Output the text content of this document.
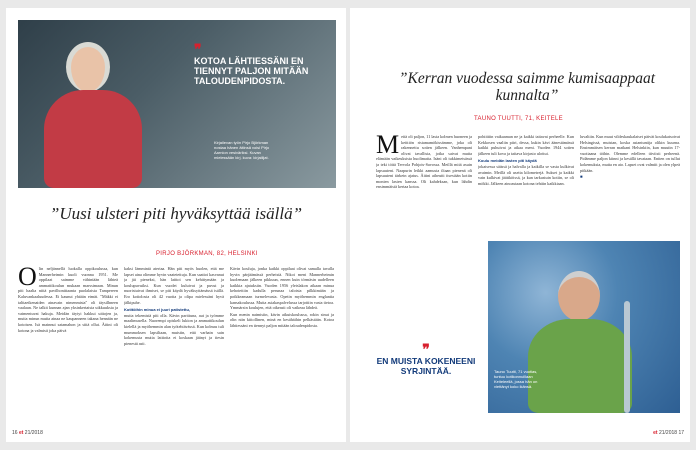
Kirjailevan työn Pirjo Björkman nostaa hänen äitinsä voisi Pirjo Aarnion vesiväriksi. Kuvan mielessään kirj. kuva: kirjailijat.
❞
KOTOA LÄHTIESSÄNI EN TIENNYT PALJON MITÄÄN TALOUDENPIDOSTA.
”Uusi ulsteri piti hyväksyttää isällä”
PIRJO BJÖRKMAN, 82, HELSINKI
O lin neljännellä luokalla oppikoulussa, kun Mannerheimin kuoli vuonna 1951. Me oppilaat saimme vähintään lähteä ammattikoulun mukaan marssimaan. Minun piti haalia niitä pavilhonittaanta puolalaista Tampereen Kaluvankaaluudessa. Ei kaunut yhtään eimät. "Mäkki ei talttaeikenaiden ainavain nimenmista" oli täysilhneen vaalaan. Ne talkit kunnan ajan yksinkertaisia uikkuuksia ja vaimentuvat hakuja. Meidän täytyi hakkui uittojen ja, mutta minun mutta ainaa ne kaupanneen takana hennäin ne kotoisen. Isä mainnui satamahon ja siitä ollut. Äitini oli kotona ja valmisti joka päivä

kaksi lämmintä ateriaa. Hän piti myös huolen, että me lapset aina olimme hyvin vaatetettuja. Kun saattoi kasvanut ja jäi pieneksi, hän laittoi sen kehittymään ja koulupuvuiksi. Kun vuodet kuluivat ja puvut ja nuoristuivat ihmiset, se piti käydä hyväksyttämässä isällä. Ero kotiolosta oli 42 vuotta ja olipa mielessäni hyvä jälkipuhe.

Kotitöihin minua ei juuri patistettu,

mutta tekemistä piti olla. Kävin parittuna, aut ja työmme maalimusella. Nuorempi opiskeli lukion ja ammattikoulun kielellä ja myöhemmin alan työtehtävässä. Kun kolmas tuli mummoksen lapsiltaan, muistin, että varhain sain kokemusta mutta lattioita ei koskaan jäänyt ja tiesin pienestä asti.

Kävin kouluja, jonka kaikki oppilaat olivat samalla tavalla hyvin pärjäämässä perheistä. Nikoi meni Mannerheimin kuolemaan jälkeen pikkuun, ennen kuin törmäsin uudelleen kaikkia ajatuksiin. Vuoden 1956 yleislakon aikaan minua kehotettiin kadulla perunaa taloista pilkkimään ja poikkeamaan turmelevasta. Opetin myöhemmin englantia kansakoulussa. Mutta asiakaspalvelussa tarjottiin vasta tietoa. Ymmärsin koulujen, että oikeasti oli vaikeaa lähdeä.

Kun menin naimisiin, kävin aikuiskoulussa, rokin sinut ja olin niin kiitollinen, minä en kesähäihin pelkästään. Kotoa lähtiessäni en tiennyt paljon mitään taloudenpidosta.

16 et 21/2018
”Kerran vuodessa saimme kumisaappaat kunnalta”
TAUNO TUUTTI, 71, KEITELE
M eitä oli paljon, 11 lasta kolmen huoneen ja keittiön ristamamökissämme, joka oli rakennettu sotien jälkeen. Vanhempani olivat tavallisia, jotka saivat mutta elämään vaikeuksista huolimatta. Isäni oli tukkimetsässä ja teki töitä Tervola Pohjois-Savossa. Meillä mitä asuin lapsuuteni. Naapurin leikki aamusta iltaan pienenä oli lapsuuteni tärkein ajatus. Äitini aiheutti itsestään kotiin monien lasten kanssa. Oli kahdeksan, kun lähdin ensimmäistä kertaa kotoa.

pohtittiin vaikaaman ne ja kaikki taitavat perheelle. Kun Kekkosen vaaliin piiri, dessa, kukin kävi äänestämässä kaikki puhuivat ja aikaa meni. Vuoden 1944 sotien jälkeen tuli kova ja taitava kirjasto ulottui.

Koulu meidän lasten piti käydä

jokaisessa säässä ja halvalla ja kaikilla se vasta kulkivat avaimin. Meillä oli useita kilometrejä. Sukset ja kaikki vain kulkivat jäätiköissä, ja kun tarkastuin kotiin, se oli mökki. Jälkeen ainoastaan kotona tehtiin kaikkiaan.

luvaltiin. Kun muut vildeskaukalaiset päivät koulukatsoivat Helsingissä, muistan, koska asiantuntija olikin kuurna. Ensimmäisen kerran matkani Helsinkiin, kun muutin 17-vuotiaana töihin. Olemme edelleen tiiviisti perheenä. Pidämme paljon kiinni ja kesällä tavataan. Eniten on tullut kokemuksia, mutta en aio. Lapset ovat valmiit ja olen ylpeä pitkään.

■
❞
EN MUISTA KOKENEENI SYRJINTÄÄ.	Tauno Tuutti, 71 vuotias, tuntuu kotikonnuillaan Keiteleellä, jossa hän on viettänyt koko ikänsä.
et 21/2018 17
